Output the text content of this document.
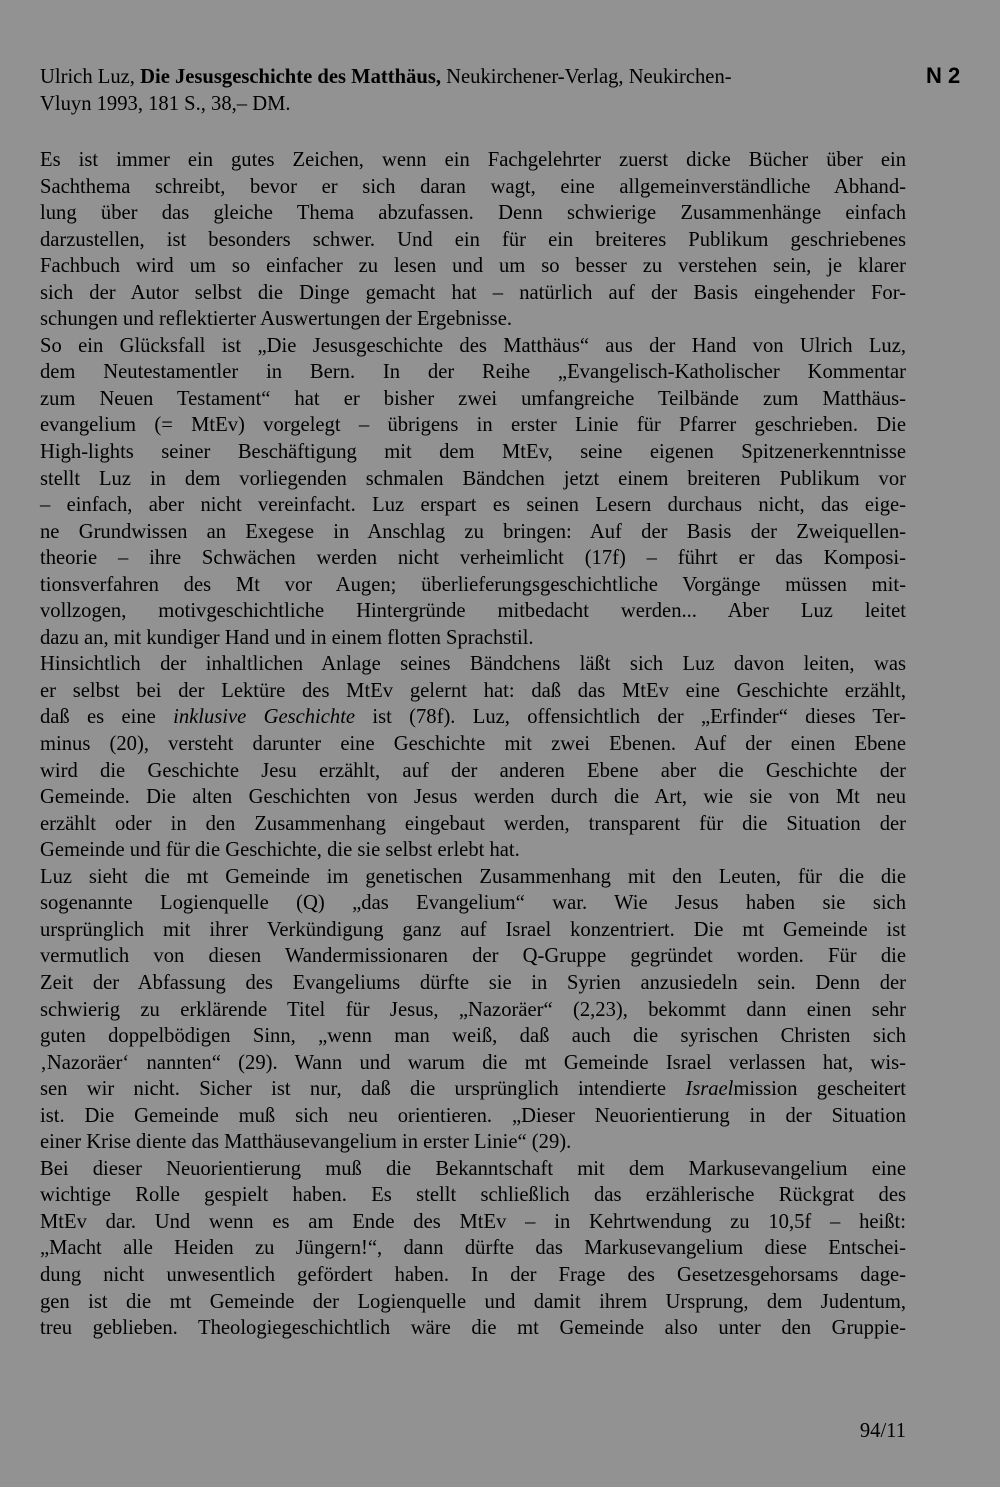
Ulrich Luz, Die Jesusgeschichte des Matthäus, Neukirchener-Verlag, Neukirchen-
Vluyn 1993, 181 S., 38,– DM.
N 2
Es ist immer ein gutes Zeichen, wenn ein Fachgelehrter zuerst dicke Bücher über ein
Sachthema schreibt, bevor er sich daran wagt, eine allgemeinverständliche Abhand-
lung über das gleiche Thema abzufassen. Denn schwierige Zusammenhänge einfach
darzustellen, ist besonders schwer. Und ein für ein breiteres Publikum geschriebenes
Fachbuch wird um so einfacher zu lesen und um so besser zu verstehen sein, je klarer
sich der Autor selbst die Dinge gemacht hat – natürlich auf der Basis eingehender For-
schungen und reflektierter Auswertungen der Ergebnisse.
So ein Glücksfall ist „Die Jesusgeschichte des Matthäus“ aus der Hand von Ulrich Luz,
dem Neutestamentler in Bern. In der Reihe „Evangelisch-Katholischer Kommentar
zum Neuen Testament“ hat er bisher zwei umfangreiche Teilbände zum Matthäus-
evangelium (= MtEv) vorgelegt – übrigens in erster Linie für Pfarrer geschrieben. Die
High-lights seiner Beschäftigung mit dem MtEv, seine eigenen Spitzenerkenntnisse
stellt Luz in dem vorliegenden schmalen Bändchen jetzt einem breiteren Publikum vor
– einfach, aber nicht vereinfacht. Luz erspart es seinen Lesern durchaus nicht, das eige-
ne Grundwissen an Exegese in Anschlag zu bringen: Auf der Basis der Zweiquellen-
theorie – ihre Schwächen werden nicht verheimlicht (17f) – führt er das Komposi-
tionsverfahren des Mt vor Augen; überlieferungsgeschichtliche Vorgänge müssen mit-
vollzogen, motivgeschichtliche Hintergründe mitbedacht werden... Aber Luz leitet
dazu an, mit kundiger Hand und in einem flotten Sprachstil.
Hinsichtlich der inhaltlichen Anlage seines Bändchens läßt sich Luz davon leiten, was
er selbst bei der Lektüre des MtEv gelernt hat: daß das MtEv eine Geschichte erzählt,
daß es eine inklusive Geschichte ist (78f). Luz, offensichtlich der „Erfinder“ dieses Ter-
minus (20), versteht darunter eine Geschichte mit zwei Ebenen. Auf der einen Ebene
wird die Geschichte Jesu erzählt, auf der anderen Ebene aber die Geschichte der
Gemeinde. Die alten Geschichten von Jesus werden durch die Art, wie sie von Mt neu
erzählt oder in den Zusammenhang eingebaut werden, transparent für die Situation der
Gemeinde und für die Geschichte, die sie selbst erlebt hat.
Luz sieht die mt Gemeinde im genetischen Zusammenhang mit den Leuten, für die die
sogenannte Logienquelle (Q) „das Evangelium“ war. Wie Jesus haben sie sich
ursprünglich mit ihrer Verkündigung ganz auf Israel konzentriert. Die mt Gemeinde ist
vermutlich von diesen Wandermissionaren der Q-Gruppe gegründet worden. Für die
Zeit der Abfassung des Evangeliums dürfte sie in Syrien anzusiedeln sein. Denn der
schwierig zu erklärende Titel für Jesus, „Nazoräer“ (2,23), bekommt dann einen sehr
guten doppelbödigen Sinn, „wenn man weiß, daß auch die syrischen Christen sich
‚Nazoräer‘ nannten“ (29). Wann und warum die mt Gemeinde Israel verlassen hat, wis-
sen wir nicht. Sicher ist nur, daß die ursprünglich intendierte Israelmission gescheitert
ist. Die Gemeinde muß sich neu orientieren. „Dieser Neuorientierung in der Situation
einer Krise diente das Matthäusevangelium in erster Linie“ (29).
Bei dieser Neuorientierung muß die Bekanntschaft mit dem Markusevangelium eine
wichtige Rolle gespielt haben. Es stellt schließlich das erzählerische Rückgrat des
MtEv dar. Und wenn es am Ende des MtEv – in Kehrtwendung zu 10,5f – heißt:
„Macht alle Heiden zu Jüngern!“, dann dürfte das Markusevangelium diese Entschei-
dung nicht unwesentlich gefördert haben. In der Frage des Gesetzesgehorsams dage-
gen ist die mt Gemeinde der Logienquelle und damit ihrem Ursprung, dem Judentum,
treu geblieben. Theologiegeschichtlich wäre die mt Gemeinde also unter den Gruppie-
94/11
